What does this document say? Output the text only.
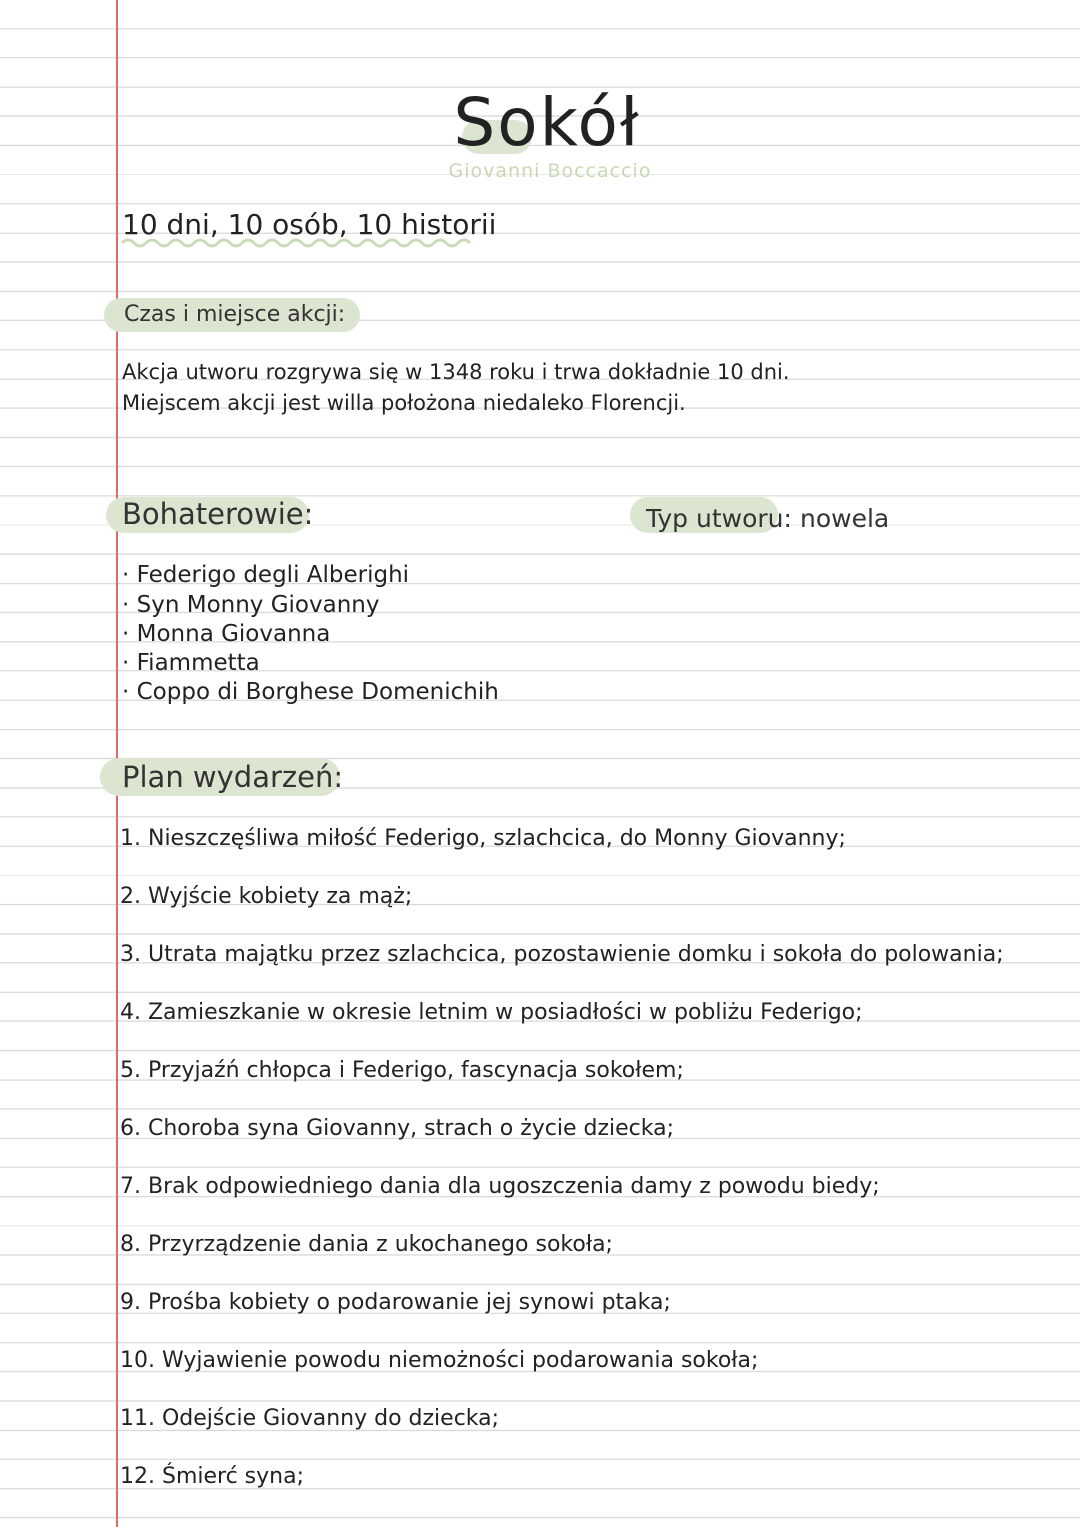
Sokół
Giovanni Boccaccio
10 dni, 10 osób, 10 historii
Czas i miejsce akcji:
Akcja utworu rozgrywa się w 1348 roku i trwa dokładnie 10 dni.
Miejscem akcji jest willa położona niedaleko Florencji.
Bohaterowie:	Typ utworu: nowela
· Federigo degli Alberighi
· Syn Monny Giovanny
· Monna Giovanna
· Fiammetta
· Coppo di Borghese Domenichih
Plan wydarzeń:
1. Nieszczęśliwa miłość Federigo, szlachcica, do Monny Giovanny;
2. Wyjście kobiety za mąż;
3. Utrata majątku przez szlachcica, pozostawienie domku i sokoła do polowania;
4. Zamieszkanie w okresie letnim w posiadłości w pobliżu Federigo;
5. Przyjaźń chłopca i Federigo, fascynacja sokołem;
6. Choroba syna Giovanny, strach o życie dziecka;
7. Brak odpowiedniego dania dla ugoszczenia damy z powodu biedy;
8. Przyrządzenie dania z ukochanego sokoła;
9. Prośba kobiety o podarowanie jej synowi ptaka;
10. Wyjawienie powodu niemożności podarowania sokoła;
11. Odejście Giovanny do dziecka;
12. Śmierć syna;
